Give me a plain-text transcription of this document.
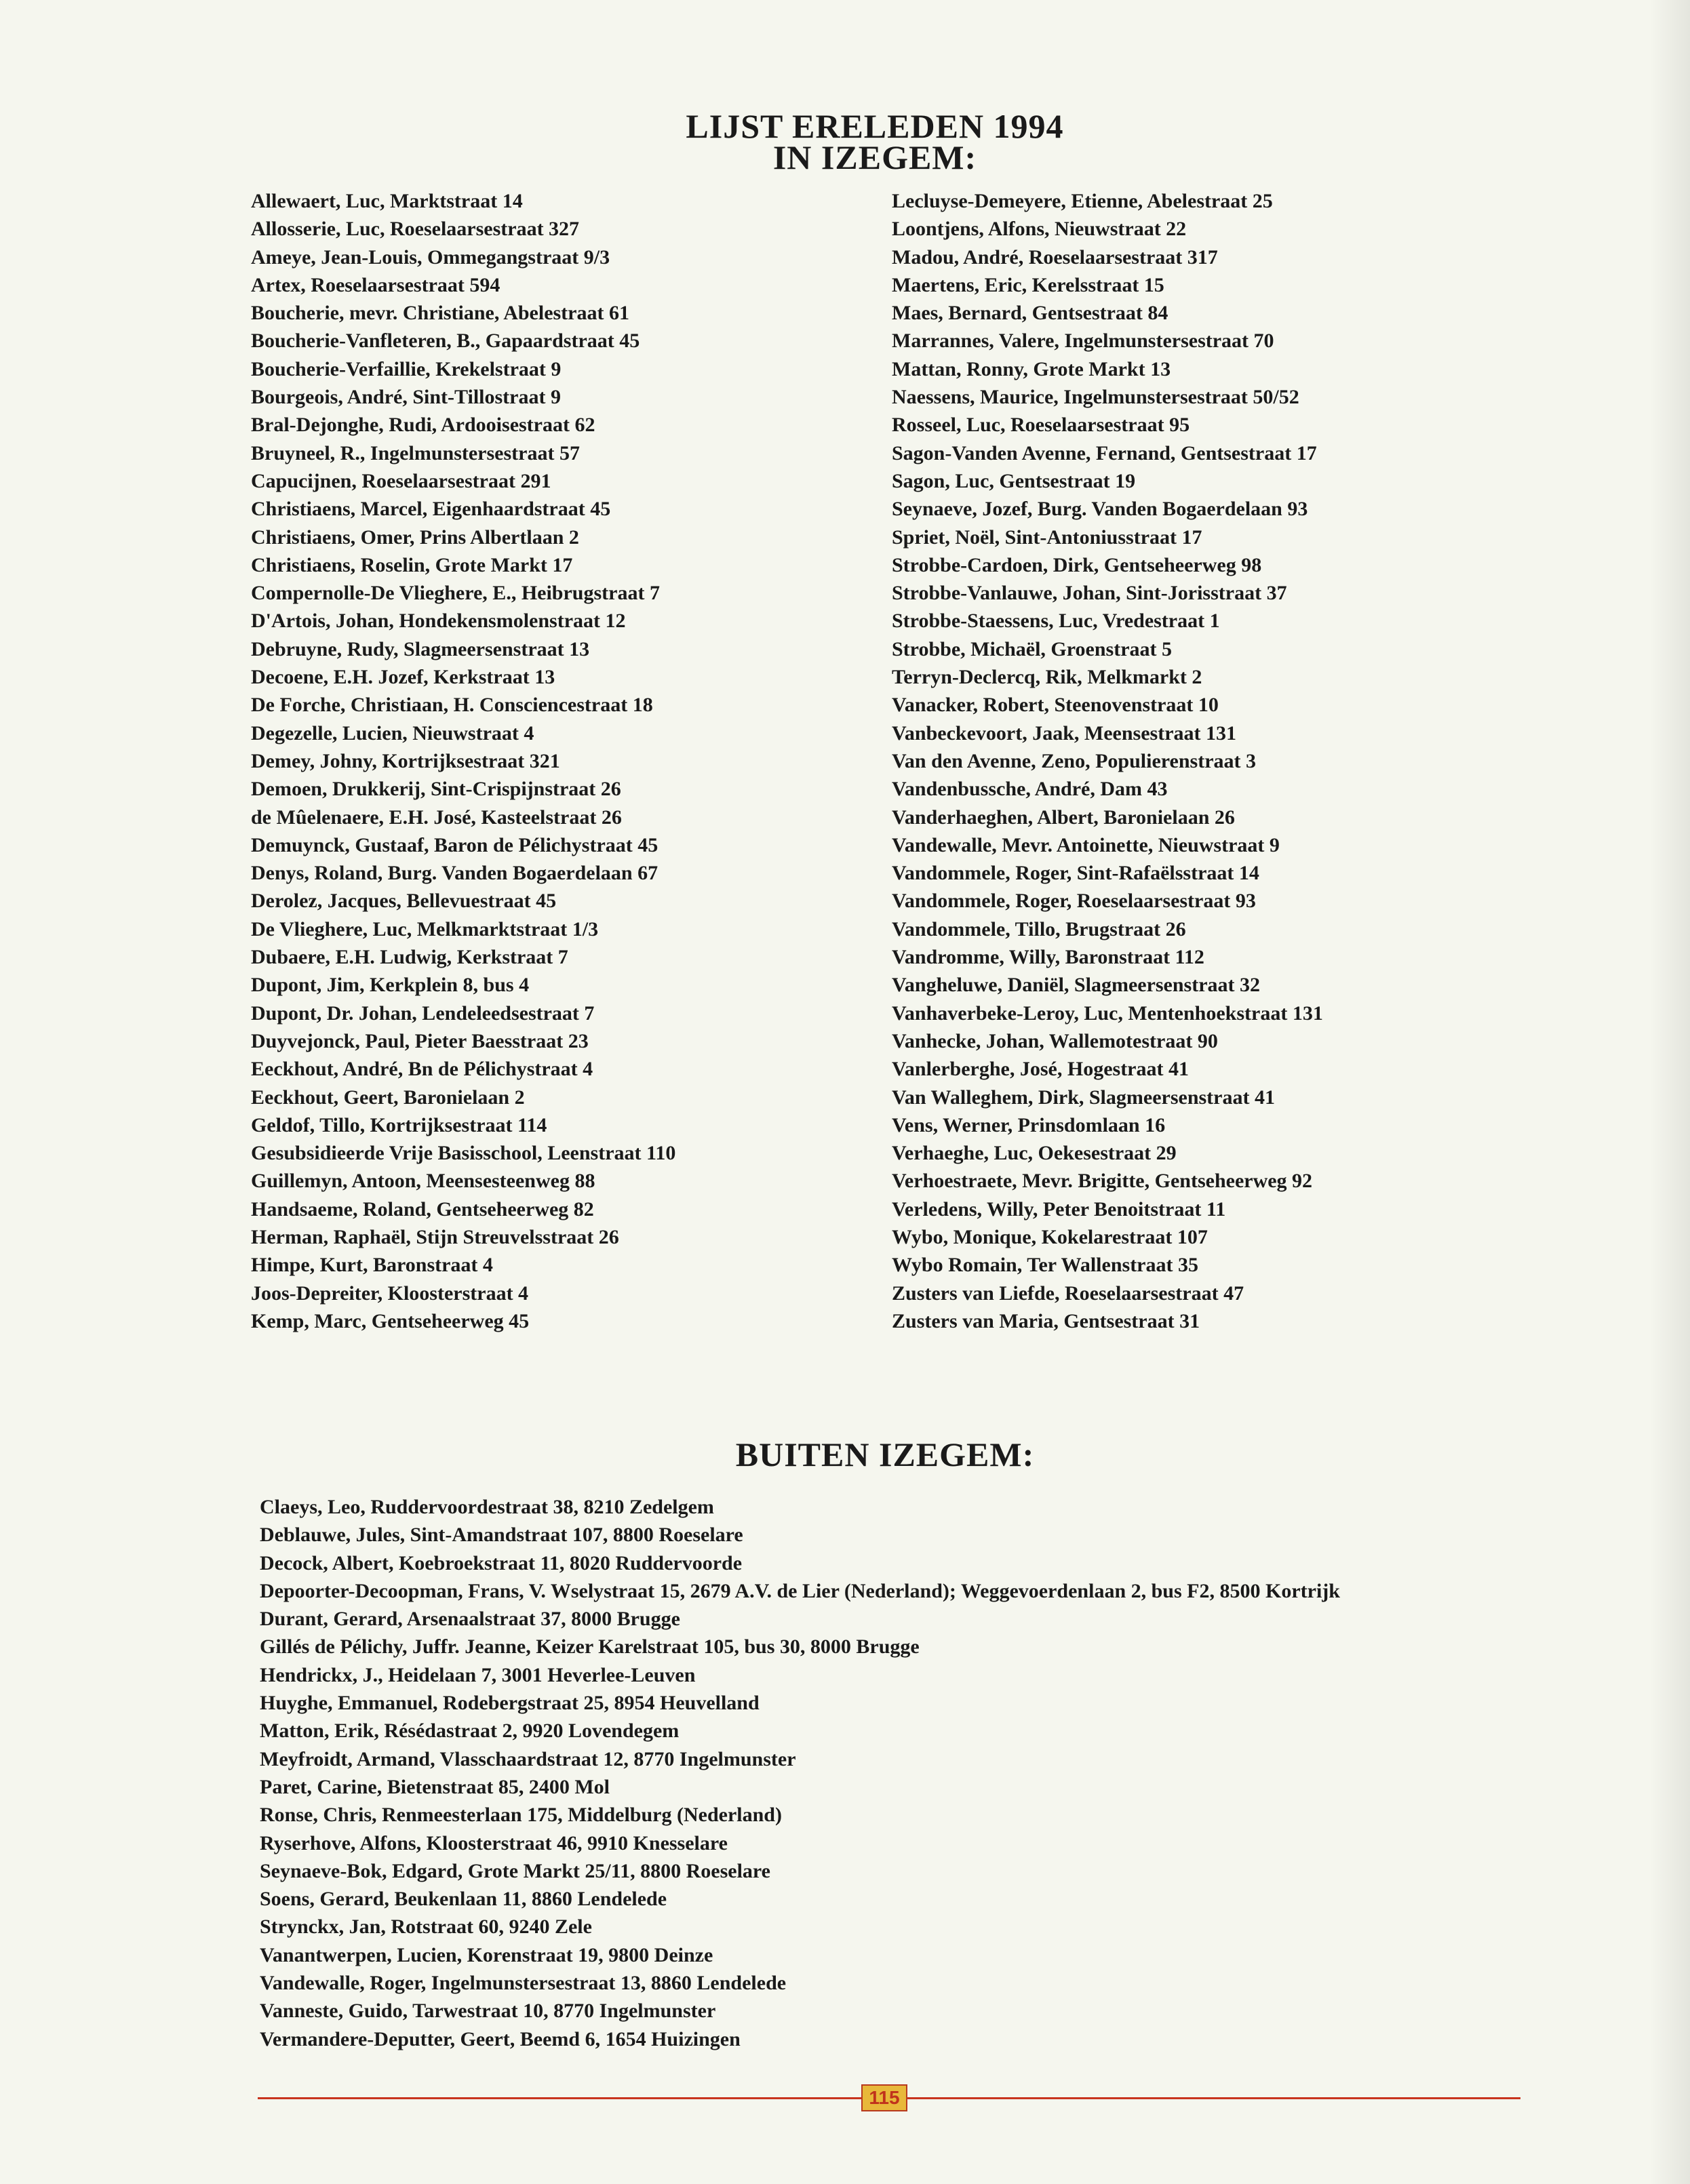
LIJST ERELEDEN 1994
IN IZEGEM:
Allewaert, Luc, Marktstraat 14
Allosserie, Luc, Roeselaarsestraat 327
Ameye, Jean-Louis, Ommegangstraat 9/3
Artex, Roeselaarsestraat 594
Boucherie, mevr. Christiane, Abelestraat 61
Boucherie-Vanfleteren, B., Gapaardstraat 45
Boucherie-Verfaillie, Krekelstraat 9
Bourgeois, André, Sint-Tillostraat 9
Bral-Dejonghe, Rudi, Ardooisestraat 62
Bruyneel, R., Ingelmunstersestraat 57
Capucijnen, Roeselaarsestraat 291
Christiaens, Marcel, Eigenhaardstraat 45
Christiaens, Omer, Prins Albertlaan 2
Christiaens, Roselin, Grote Markt 17
Compernolle-De Vlieghere, E., Heibrugstraat 7
D'Artois, Johan, Hondekensmolenstraat 12
Debruyne, Rudy, Slagmeersenstraat 13
Decoene, E.H. Jozef, Kerkstraat 13
De Forche, Christiaan, H. Consciencestraat 18
Degezelle, Lucien, Nieuwstraat 4
Demey, Johny, Kortrijksestraat 321
Demoen, Drukkerij, Sint-Crispijnstraat 26
de Mûelenaere, E.H. José, Kasteelstraat 26
Demuynck, Gustaaf, Baron de Pélichystraat 45
Denys, Roland, Burg. Vanden Bogaerdelaan 67
Derolez, Jacques, Bellevuestraat 45
De Vlieghere, Luc, Melkmarktstraat 1/3
Dubaere, E.H. Ludwig, Kerkstraat 7
Dupont, Jim, Kerkplein 8, bus 4
Dupont, Dr. Johan, Lendeleedsestraat 7
Duyvejonck, Paul, Pieter Baesstraat 23
Eeckhout, André, Bn de Pélichystraat 4
Eeckhout, Geert, Baronielaan 2
Geldof, Tillo, Kortrijksestraat 114
Gesubsidieerde Vrije Basisschool, Leenstraat 110
Guillemyn, Antoon, Meensesteenweg 88
Handsaeme, Roland, Gentseheerweg 82
Herman, Raphaël, Stijn Streuvelsstraat 26
Himpe, Kurt, Baronstraat 4
Joos-Depreiter, Kloosterstraat 4
Kemp, Marc, Gentseheerweg 45
Lecluyse-Demeyere, Etienne, Abelestraat 25
Loontjens, Alfons, Nieuwstraat 22
Madou, André, Roeselaarsestraat 317
Maertens, Eric, Kerelsstraat 15
Maes, Bernard, Gentsestraat 84
Marrannes, Valere, Ingelmunstersestraat 70
Mattan, Ronny, Grote Markt 13
Naessens, Maurice, Ingelmunstersestraat 50/52
Rosseel, Luc, Roeselaarsestraat 95
Sagon-Vanden Avenne, Fernand, Gentsestraat 17
Sagon, Luc, Gentsestraat 19
Seynaeve, Jozef, Burg. Vanden Bogaerdelaan 93
Spriet, Noël, Sint-Antoniusstraat 17
Strobbe-Cardoen, Dirk, Gentseheerweg 98
Strobbe-Vanlauwe, Johan, Sint-Jorisstraat 37
Strobbe-Staessens, Luc, Vredestraat 1
Strobbe, Michaël, Groenstraat 5
Terryn-Declercq, Rik, Melkmarkt 2
Vanacker, Robert, Steenovenstraat 10
Vanbeckevoort, Jaak, Meensestraat 131
Van den Avenne, Zeno, Populierenstraat 3
Vandenbussche, André, Dam 43
Vanderhaeghen, Albert, Baronielaan 26
Vandewalle, Mevr. Antoinette, Nieuwstraat 9
Vandommele, Roger, Sint-Rafaëlsstraat 14
Vandommele, Roger, Roeselaarsestraat 93
Vandommele, Tillo, Brugstraat 26
Vandromme, Willy, Baronstraat 112
Vangheluwe, Daniël, Slagmeersenstraat 32
Vanhaverbeke-Leroy, Luc, Mentenhoekstraat 131
Vanhecke, Johan, Wallemotestraat 90
Vanlerberghe, José, Hogestraat 41
Van Walleghem, Dirk, Slagmeersenstraat 41
Vens, Werner, Prinsdomlaan 16
Verhaeghe, Luc, Oekesestraat 29
Verhoestraete, Mevr. Brigitte, Gentseheerweg 92
Verledens, Willy, Peter Benoitstraat 11
Wybo, Monique, Kokelarestraat 107
Wybo Romain, Ter Wallenstraat 35
Zusters van Liefde, Roeselaarsestraat 47
Zusters van Maria, Gentsestraat 31
BUITEN IZEGEM:
Claeys, Leo, Ruddervoordestraat 38, 8210 Zedelgem
Deblauwe, Jules, Sint-Amandstraat 107, 8800 Roeselare
Decock, Albert, Koebroekstraat 11, 8020 Ruddervoorde
Depoorter-Decoopman, Frans, V. Wselystraat 15, 2679 A.V. de Lier (Nederland); Weggevoerdenlaan 2, bus F2, 8500 Kortrijk
Durant, Gerard, Arsenaalstraat 37, 8000 Brugge
Gillés de Pélichy, Juffr. Jeanne, Keizer Karelstraat 105, bus 30, 8000 Brugge
Hendrickx, J., Heidelaan 7, 3001 Heverlee-Leuven
Huyghe, Emmanuel, Rodebergstraat 25, 8954 Heuvelland
Matton, Erik, Résédastraat 2, 9920 Lovendegem
Meyfroidt, Armand, Vlasschaardstraat 12, 8770 Ingelmunster
Paret, Carine, Bietenstraat 85, 2400 Mol
Ronse, Chris, Renmeesterlaan 175, Middelburg (Nederland)
Ryserhove, Alfons, Kloosterstraat 46, 9910 Knesselare
Seynaeve-Bok, Edgard, Grote Markt 25/11, 8800 Roeselare
Soens, Gerard, Beukenlaan 11, 8860 Lendelede
Strynckx, Jan, Rotstraat 60, 9240 Zele
Vanantwerpen, Lucien, Korenstraat 19, 9800 Deinze
Vandewalle, Roger, Ingelmunstersestraat 13, 8860 Lendelede
Vanneste, Guido, Tarwestraat 10, 8770 Ingelmunster
Vermandere-Deputter, Geert, Beemd 6, 1654 Huizingen
115
